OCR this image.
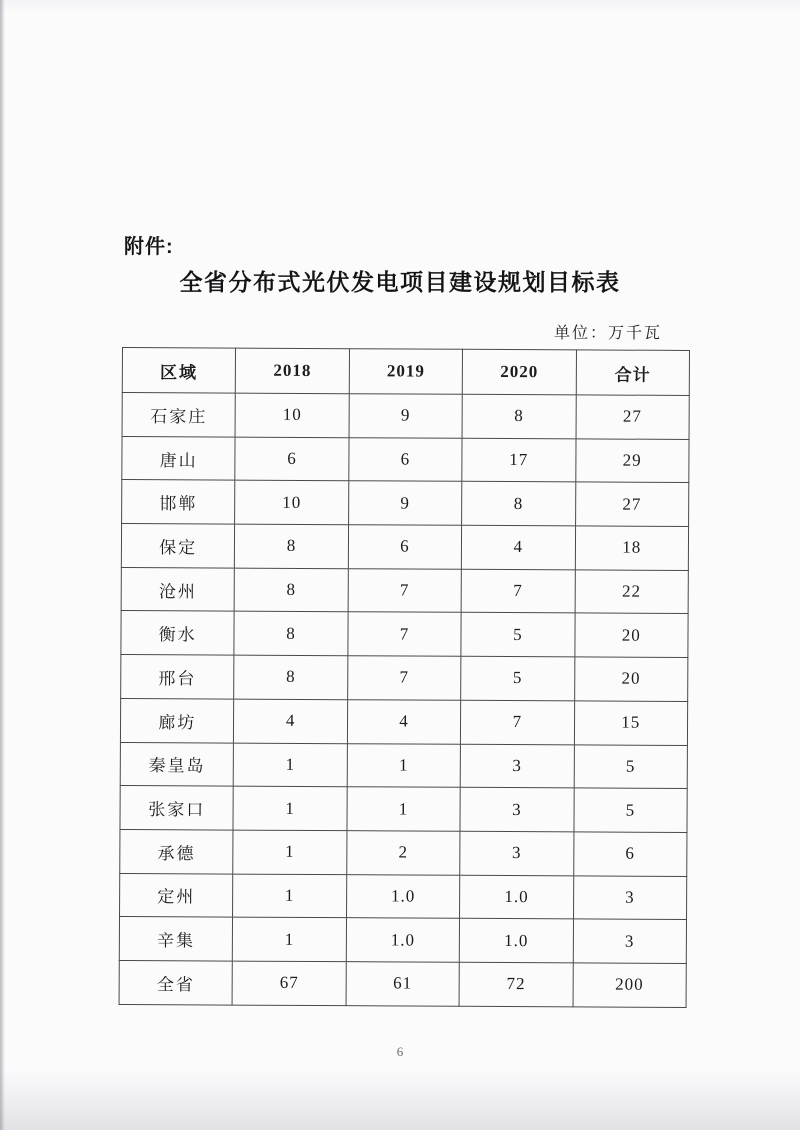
附件:
全省分布式光伏发电项目建设规划目标表
单位：万千瓦
区域	2018	2019	2020	合计
石家庄	10	9	8	27
唐山	6	6	17	29
邯郸	10	9	8	27
保定	8	6	4	18
沧州	8	7	7	22
衡水	8	7	5	20
邢台	8	7	5	20
廊坊	4	4	7	15
秦皇岛	1	1	3	5
张家口	1	1	3	5
承德	1	2	3	6
定州	1	1.0	1.0	3
辛集	1	1.0	1.0	3
全省	67	61	72	200
6
